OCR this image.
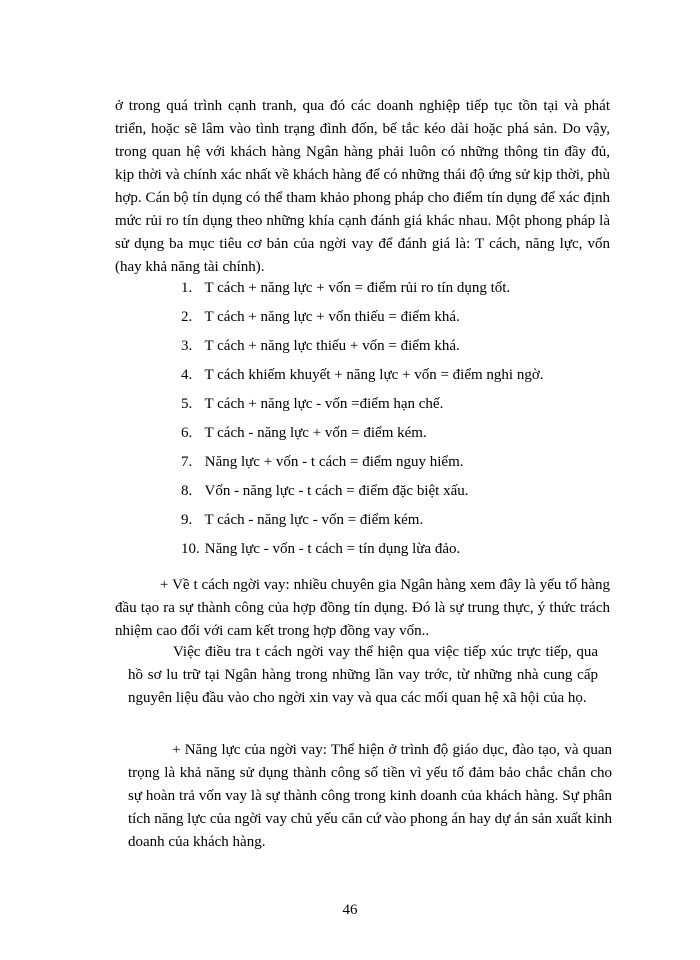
ở trong quá trình cạnh tranh, qua đó các doanh nghiệp tiếp tục tồn tại và phát triển, hoặc sẽ lâm vào tình trạng đình đốn, bế tắc kéo dài hoặc phá sản. Do vậy, trong quan hệ với khách hàng Ngân hàng phải luôn có những thông tin đầy đủ, kịp thời và chính xác nhất về khách hàng để có những thái độ ứng sử kịp thời, phù hợp. Cán bộ tín dụng có thể tham khảo phong pháp cho điểm tín dụng để xác định mức rủi ro tín dụng theo những khía cạnh đánh giá khác nhau. Một phong pháp là sử dụng ba mục tiêu cơ bản của ngời vay để đánh giá là: T cách, năng lực, vốn (hay khả năng tài chính).

1. T cách + năng lực + vốn = điểm rủi ro tín dụng tốt.
2. T cách + năng lực + vốn thiếu = điểm khá.
3. T cách + năng lực thiếu + vốn = điểm khá.
4. T cách khiếm khuyết + năng lực + vốn = điểm nghi ngờ.
5. T cách + năng lực - vốn =điểm hạn chế.
6. T cách - năng lực + vốn = điểm kém.
7. Năng lực + vốn - t cách = điểm nguy hiểm.
8. Vốn - năng lực - t cách = điểm đặc biệt xấu.
9. T cách - năng lực - vốn = điểm kém.
10. Năng lực - vốn - t cách = tín dụng lừa đảo.

+ Về t cách ngời vay: nhiều chuyên gia Ngân hàng xem đây là yếu tố hàng đầu tạo ra sự thành công của hợp đồng tín dụng. Đó là sự trung thực, ý thức trách nhiệm cao đối với cam kết trong hợp đồng vay vốn..

Việc điều tra t cách ngời vay thể hiện qua việc tiếp xúc trực tiếp, qua hồ sơ lu trữ tại Ngân hàng trong những lần vay trớc, từ những nhà cung cấp nguyên liệu đầu vào cho ngời xin vay và qua các mối quan hệ xã hội của họ.

+ Năng lực của ngời vay: Thể hiện ở trình độ giáo dục, đào tạo, và quan trọng là khả năng sử dụng thành công số tiền vì yếu tố đảm bảo chắc chắn cho sự hoàn trả vốn vay là sự thành công trong kinh doanh của khách hàng. Sự phân tích năng lực của ngời vay chủ yếu căn cứ vào phong án hay dự án sản xuất kinh doanh của khách hàng.

46
